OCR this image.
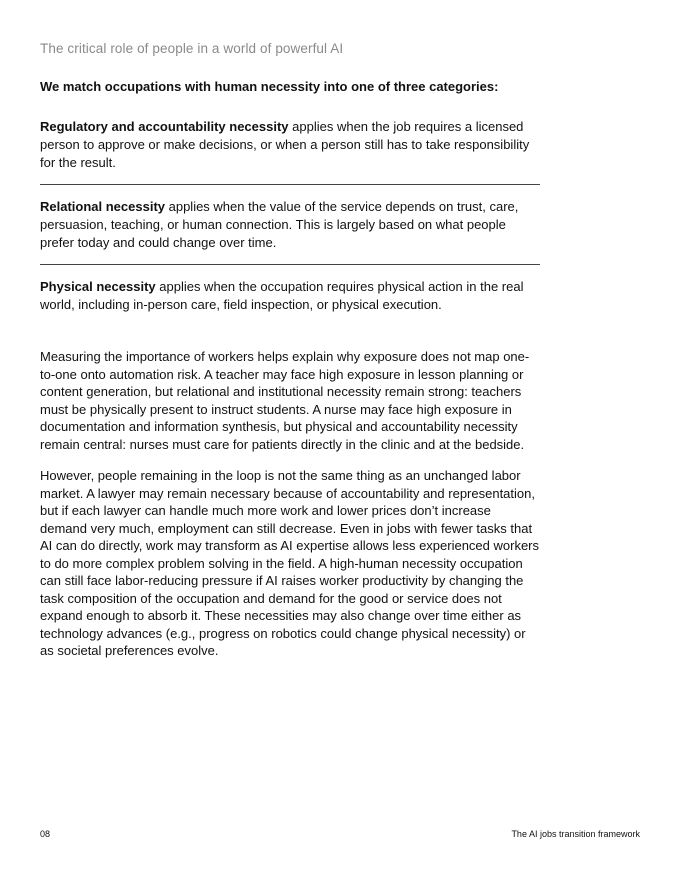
The critical role of people in a world of powerful AI

We match occupations with human necessity into one of three categories:

Regulatory and accountability necessity applies when the job requires a licensed person to approve or make decisions, or when a person still has to take responsibility for the result.

Relational necessity applies when the value of the service depends on trust, care, persuasion, teaching, or human connection. This is largely based on what people prefer today and could change over time.

Physical necessity applies when the occupation requires physical action in the real world, including in-person care, field inspection, or physical execution.

Measuring the importance of workers helps explain why exposure does not map one-to-one onto automation risk. A teacher may face high exposure in lesson planning or content generation, but relational and institutional necessity remain strong: teachers must be physically present to instruct students. A nurse may face high exposure in documentation and information synthesis, but physical and accountability necessity remain central: nurses must care for patients directly in the clinic and at the bedside.

However, people remaining in the loop is not the same thing as an unchanged labor market. A lawyer may remain necessary because of accountability and representation, but if each lawyer can handle much more work and lower prices don’t increase demand very much, employment can still decrease. Even in jobs with fewer tasks that AI can do directly, work may transform as AI expertise allows less experienced workers to do more complex problem solving in the field. A high-human necessity occupation can still face labor-reducing pressure if AI raises worker productivity by changing the task composition of the occupation and demand for the good or service does not expand enough to absorb it. These necessities may also change over time either as technology advances (e.g., progress on robotics could change physical necessity) or as societal preferences evolve.

08	The AI jobs transition framework
